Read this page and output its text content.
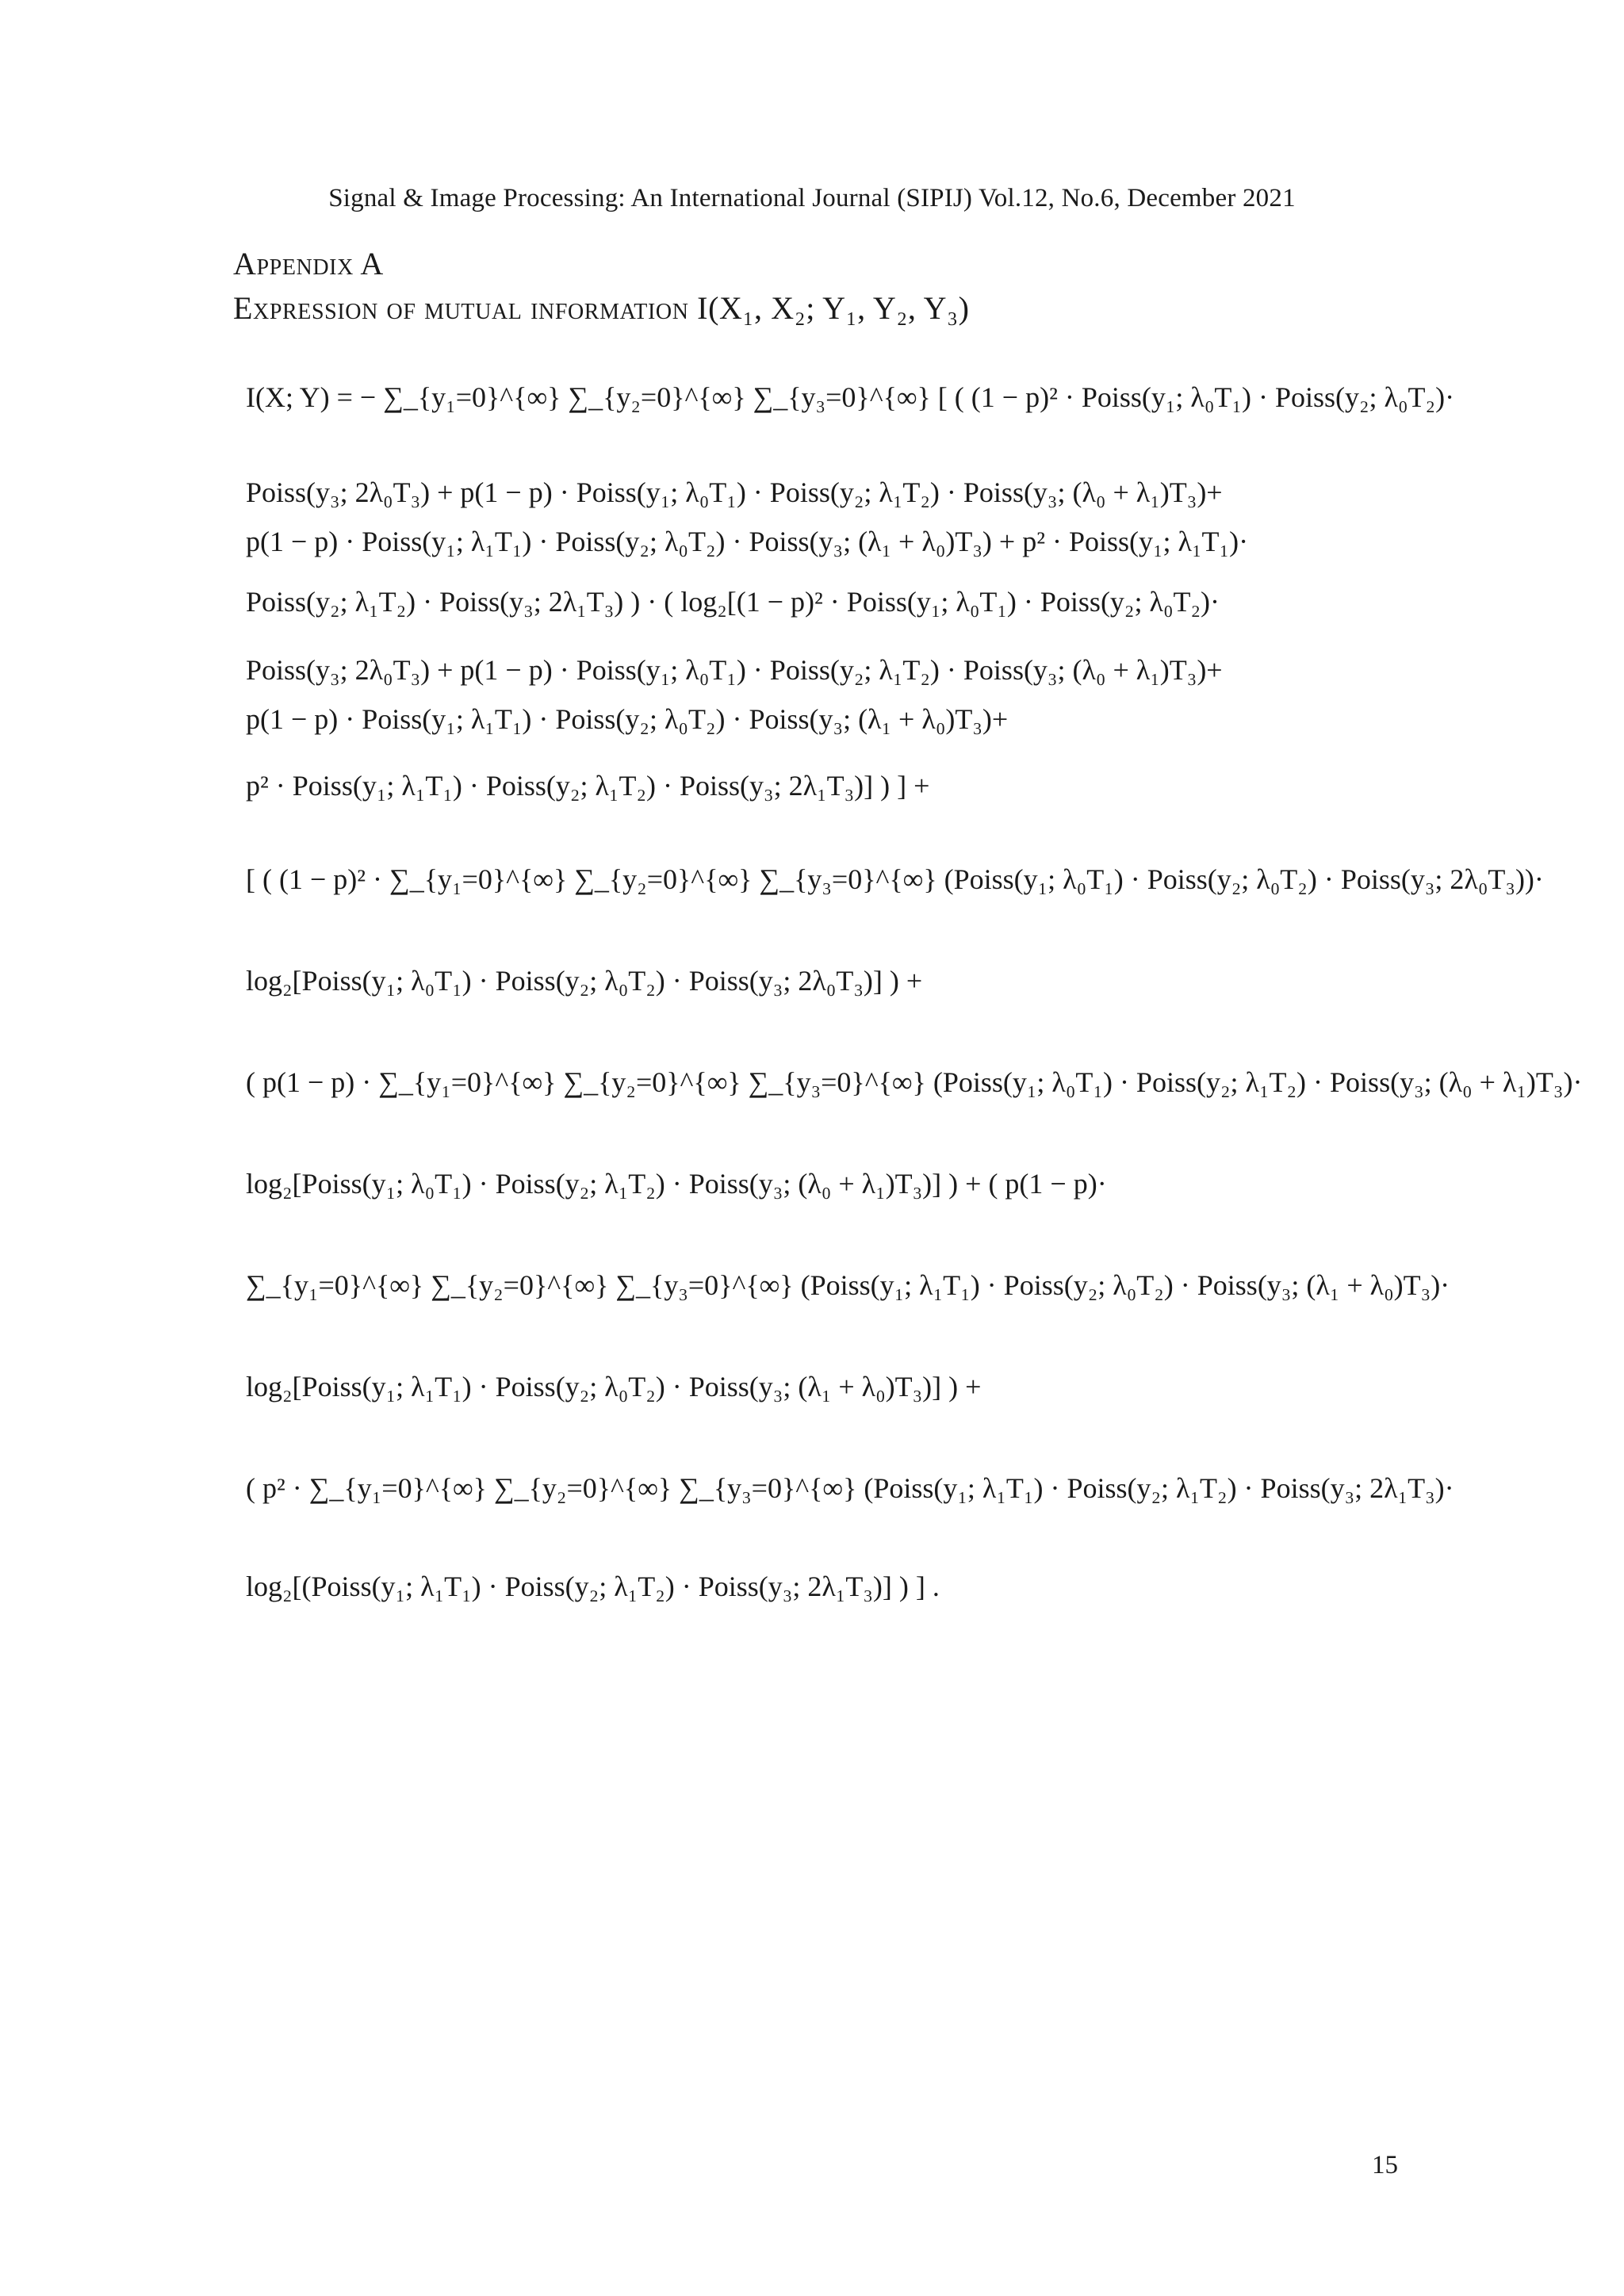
Signal & Image Processing: An International Journal (SIPIJ) Vol.12, No.6, December 2021
Appendix A
Expression of mutual information I(X₁, X₂; Y₁, Y₂, Y₃)
I(X; Y) = − ∑_{y₁=0}^{∞} ∑_{y₂=0}^{∞} ∑_{y₃=0}^{∞} [ ( (1 − p)² · Poiss(y₁; λ₀T₁) · Poiss(y₂; λ₀T₂)·
Poiss(y₃; 2λ₀T₃) + p(1 − p) · Poiss(y₁; λ₀T₁) · Poiss(y₂; λ₁T₂) · Poiss(y₃; (λ₀ + λ₁)T₃)+
p(1 − p) · Poiss(y₁; λ₁T₁) · Poiss(y₂; λ₀T₂) · Poiss(y₃; (λ₁ + λ₀)T₃) + p² · Poiss(y₁; λ₁T₁)·
Poiss(y₂; λ₁T₂) · Poiss(y₃; 2λ₁T₃) ) · ( log₂[(1 − p)² · Poiss(y₁; λ₀T₁) · Poiss(y₂; λ₀T₂)·
Poiss(y₃; 2λ₀T₃) + p(1 − p) · Poiss(y₁; λ₀T₁) · Poiss(y₂; λ₁T₂) · Poiss(y₃; (λ₀ + λ₁)T₃)+
p(1 − p) · Poiss(y₁; λ₁T₁) · Poiss(y₂; λ₀T₂) · Poiss(y₃; (λ₁ + λ₀)T₃)+
p² · Poiss(y₁; λ₁T₁) · Poiss(y₂; λ₁T₂) · Poiss(y₃; 2λ₁T₃)] ) ] +
[ ( (1 − p)² · ∑_{y₁=0}^{∞} ∑_{y₂=0}^{∞} ∑_{y₃=0}^{∞} (Poiss(y₁; λ₀T₁) · Poiss(y₂; λ₀T₂) · Poiss(y₃; 2λ₀T₃))·
log₂[Poiss(y₁; λ₀T₁) · Poiss(y₂; λ₀T₂) · Poiss(y₃; 2λ₀T₃)] ) +
( p(1 − p) · ∑_{y₁=0}^{∞} ∑_{y₂=0}^{∞} ∑_{y₃=0}^{∞} (Poiss(y₁; λ₀T₁) · Poiss(y₂; λ₁T₂) · Poiss(y₃; (λ₀ + λ₁)T₃)·
log₂[Poiss(y₁; λ₀T₁) · Poiss(y₂; λ₁T₂) · Poiss(y₃; (λ₀ + λ₁)T₃)] ) + ( p(1 − p)·
∑_{y₁=0}^{∞} ∑_{y₂=0}^{∞} ∑_{y₃=0}^{∞} (Poiss(y₁; λ₁T₁) · Poiss(y₂; λ₀T₂) · Poiss(y₃; (λ₁ + λ₀)T₃)·
log₂[Poiss(y₁; λ₁T₁) · Poiss(y₂; λ₀T₂) · Poiss(y₃; (λ₁ + λ₀)T₃)] ) +
( p² · ∑_{y₁=0}^{∞} ∑_{y₂=0}^{∞} ∑_{y₃=0}^{∞} (Poiss(y₁; λ₁T₁) · Poiss(y₂; λ₁T₂) · Poiss(y₃; 2λ₁T₃)·
log₂[(Poiss(y₁; λ₁T₁) · Poiss(y₂; λ₁T₂) · Poiss(y₃; 2λ₁T₃)] ) ] .
15
